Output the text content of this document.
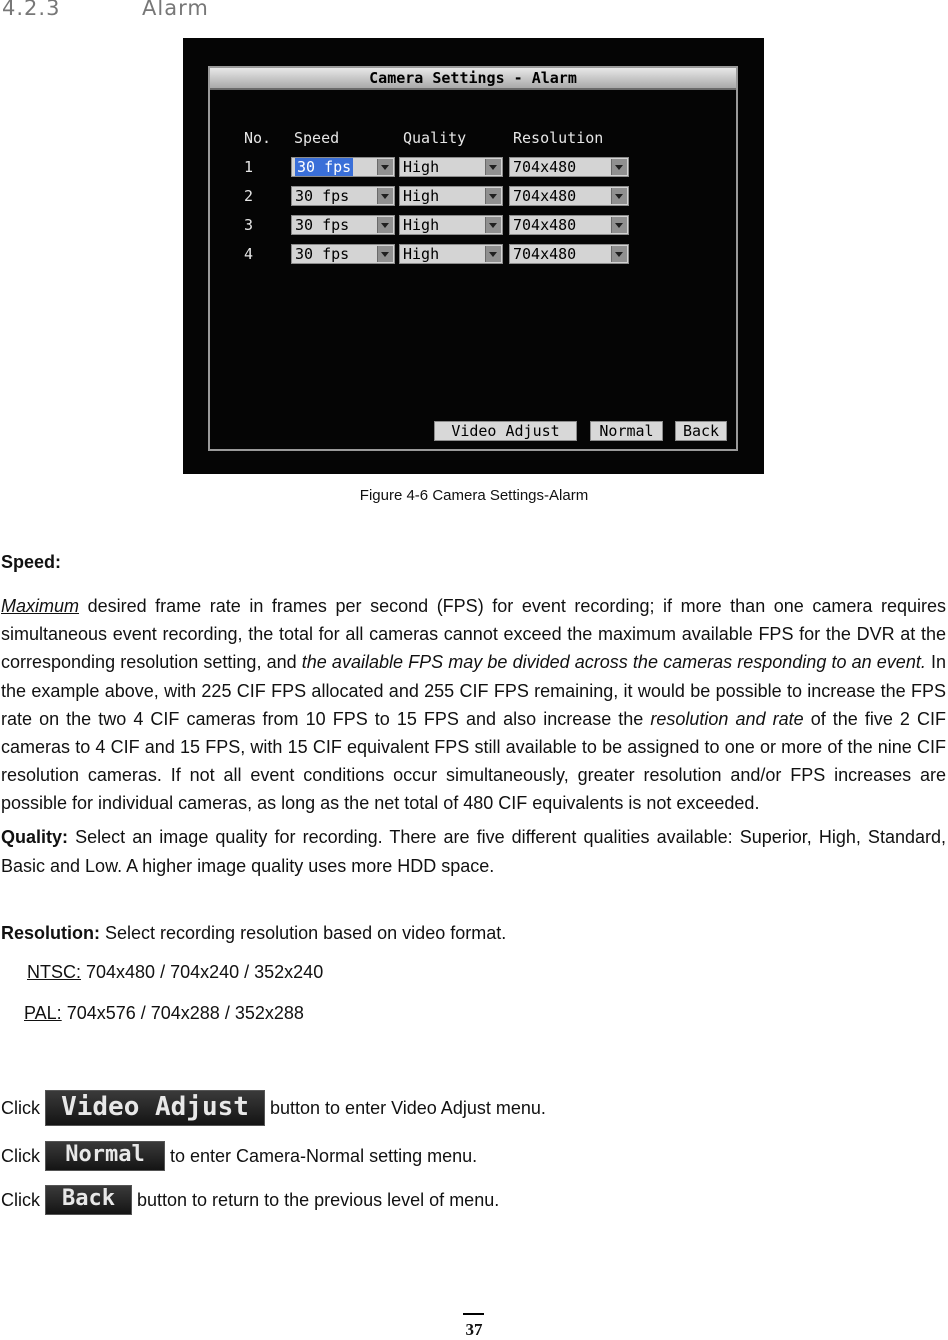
4.2.3	Alarm
Camera Settings - Alarm
No. Speed	Quality	Resolution
1	30 fps	High	704x480
2	30 fps	High	704x480
3	30 fps	High	704x480
4	30 fps	High	704x480
Video Adjust	Normal	Back
Figure 4-6 Camera Settings-Alarm
Speed:
Maximum desired frame rate in frames per second (FPS) for event recording; if more than one camera requires simultaneous event recording, the total for all cameras cannot exceed the maximum available FPS for the DVR at the corresponding resolution setting, and the available FPS may be divided across the cameras responding to an event. In the example above, with 225 CIF FPS allocated and 255 CIF FPS remaining, it would be possible to increase the FPS rate on the two 4 CIF cameras from 10 FPS to 15 FPS and also increase the resolution and rate of the five 2 CIF cameras to 4 CIF and 15 FPS, with 15 CIF equivalent FPS still available to be assigned to one or more of the nine CIF resolution cameras. If not all event conditions occur simultaneously, greater resolution and/or FPS increases are possible for individual cameras, as long as the net total of 480 CIF equivalents is not exceeded.
Quality: Select an image quality for recording. There are five different qualities available: Superior, High, Standard, Basic and Low. A higher image quality uses more HDD space.
Resolution: Select recording resolution based on video format.
NTSC: 704x480 / 704x240 / 352x240
PAL: 704x576 / 704x288 / 352x288
Click Video Adjust	button to enter Video Adjust menu.
Click	Normal	to enter Camera-Normal setting menu.
Click	Back	button to return to the previous level of menu.
37
